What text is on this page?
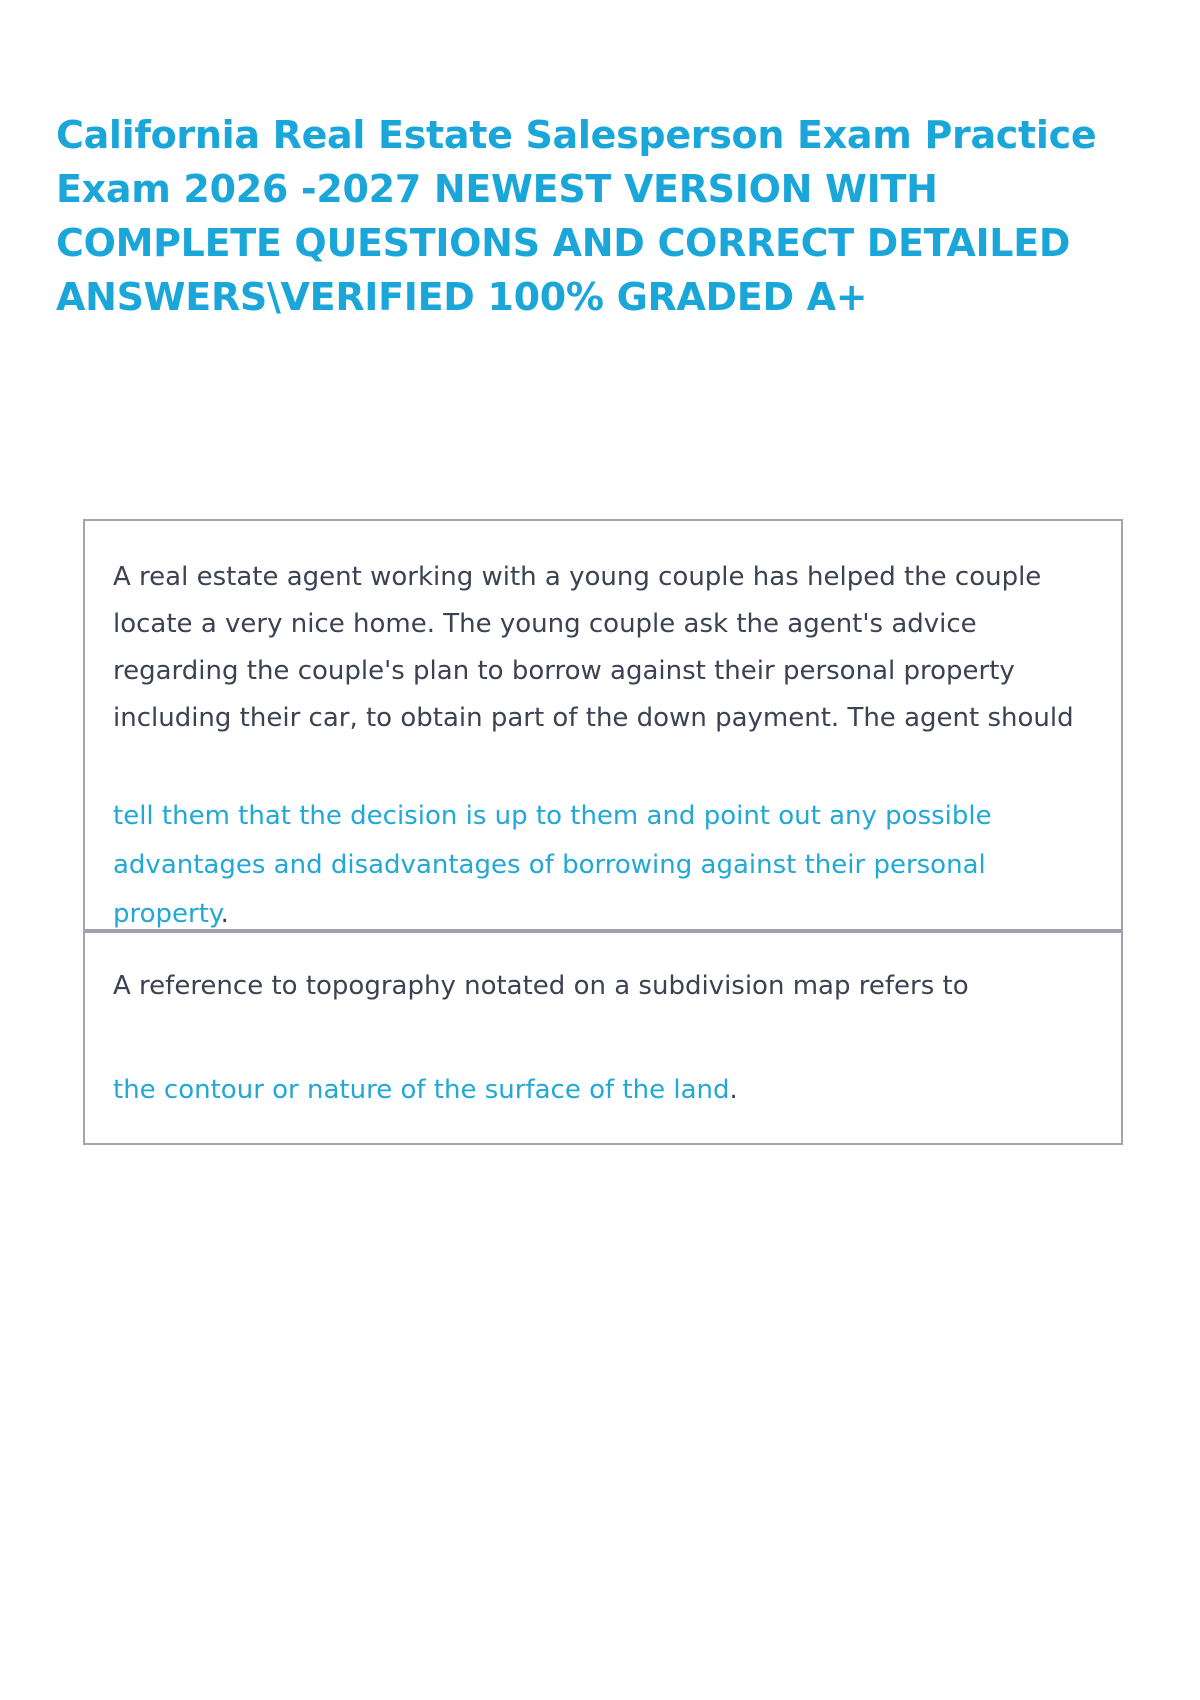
California Real Estate Salesperson Exam Practice Exam 2026 -2027 NEWEST VERSION WITH COMPLETE QUESTIONS AND CORRECT DETAILED ANSWERS\VERIFIED 100% GRADED A+

A real estate agent working with a young couple has helped the couple locate a very nice home. The young couple ask the agent's advice regarding the couple's plan to borrow against their personal property including their car, to obtain part of the down payment. The agent should

tell them that the decision is up to them and point out any possible advantages and disadvantages of borrowing against their personal property.

A reference to topography notated on a subdivision map refers to

the contour or nature of the surface of the land.
